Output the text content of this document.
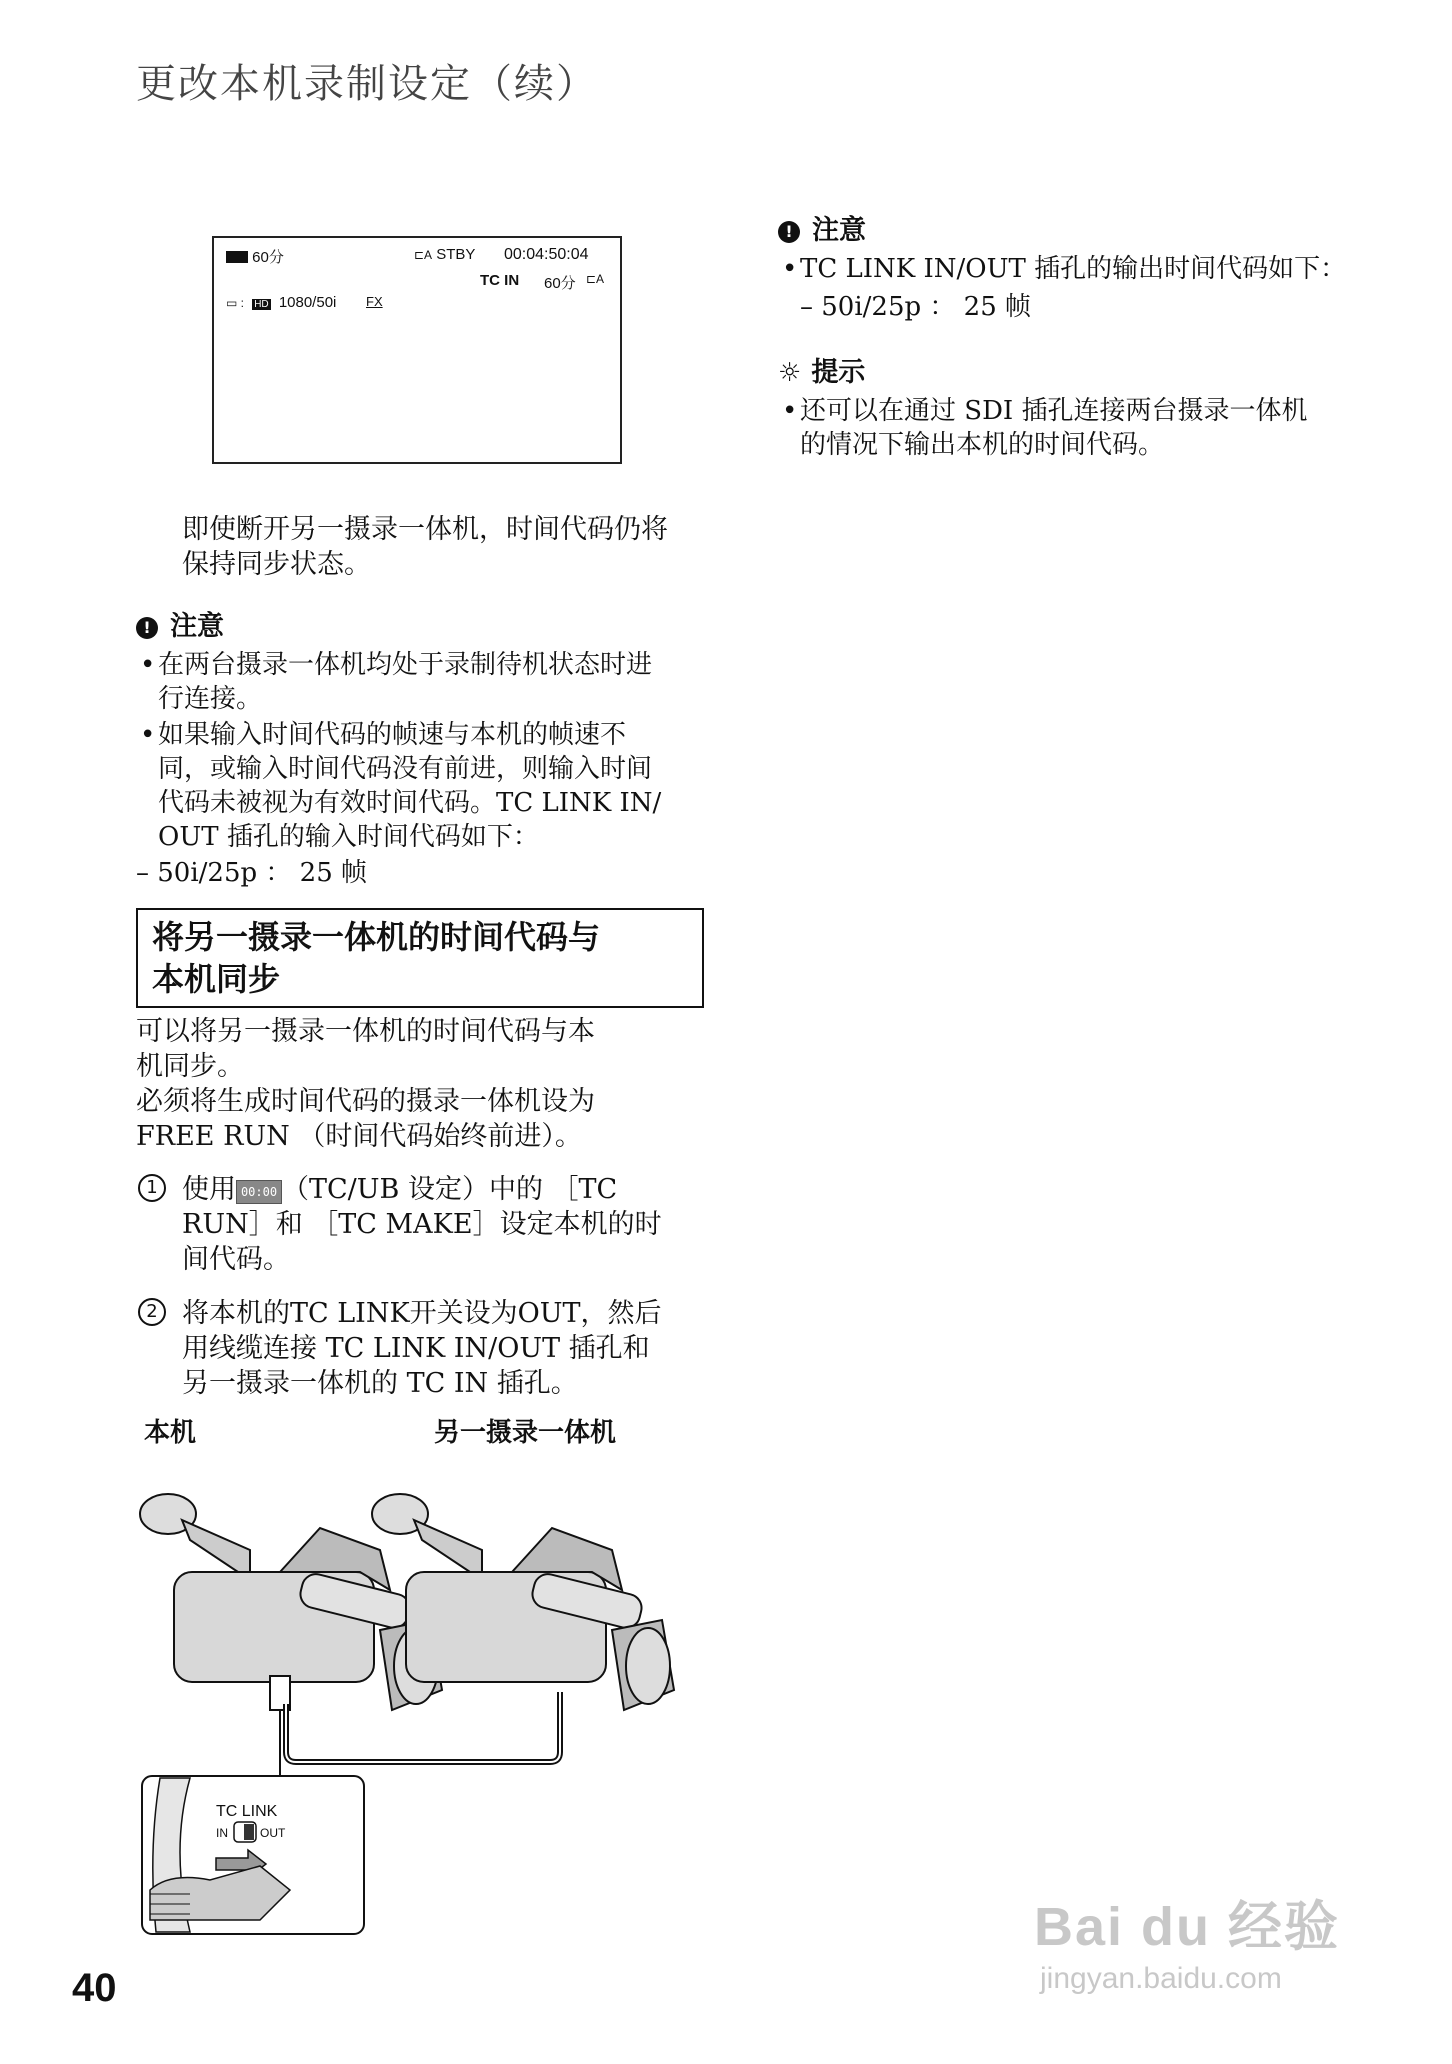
更改本机录制设定（续）
60分	⊏A STBY 00:04:50:04
TC IN 60分 ⊏A
▭ : HD 1080/50i FX
即使断开另一摄录一体机，时间代码仍将
保持同步状态。
! 注意
• 在两台摄录一体机均处于录制待机状态时进
行连接。
• 如果输入时间代码的帧速与本机的帧速不
同，或输入时间代码没有前进，则输入时间
代码未被视为有效时间代码。TC LINK IN/
OUT 插孔的输入时间代码如下：
– 50i/25p ： 25 帧
将另一摄录一体机的时间代码与
本机同步
可以将另一摄录一体机的时间代码与本
机同步。
必须将生成时间代码的摄录一体机设为
FREE RUN （时间代码始终前进）。
1 使用 00:00 （TC/UB 设定）中的 ［TC
RUN］和 ［TC MAKE］设定本机的时
间代码。
2 将本机的TC LINK开关设为OUT，然后
用线缆连接 TC LINK IN/OUT 插孔和
另一摄录一体机的 TC IN 插孔。
本机	另一摄录一体机
TC LINK
IN	OUT
! 注意
• TC LINK IN/OUT 插孔的输出时间代码如下：
– 50i/25p ： 25 帧
☼ 提示
• 还可以在通过 SDI 插孔连接两台摄录一体机
的情况下输出本机的时间代码。
40
Bai du 经验
jingyan.baidu.com
